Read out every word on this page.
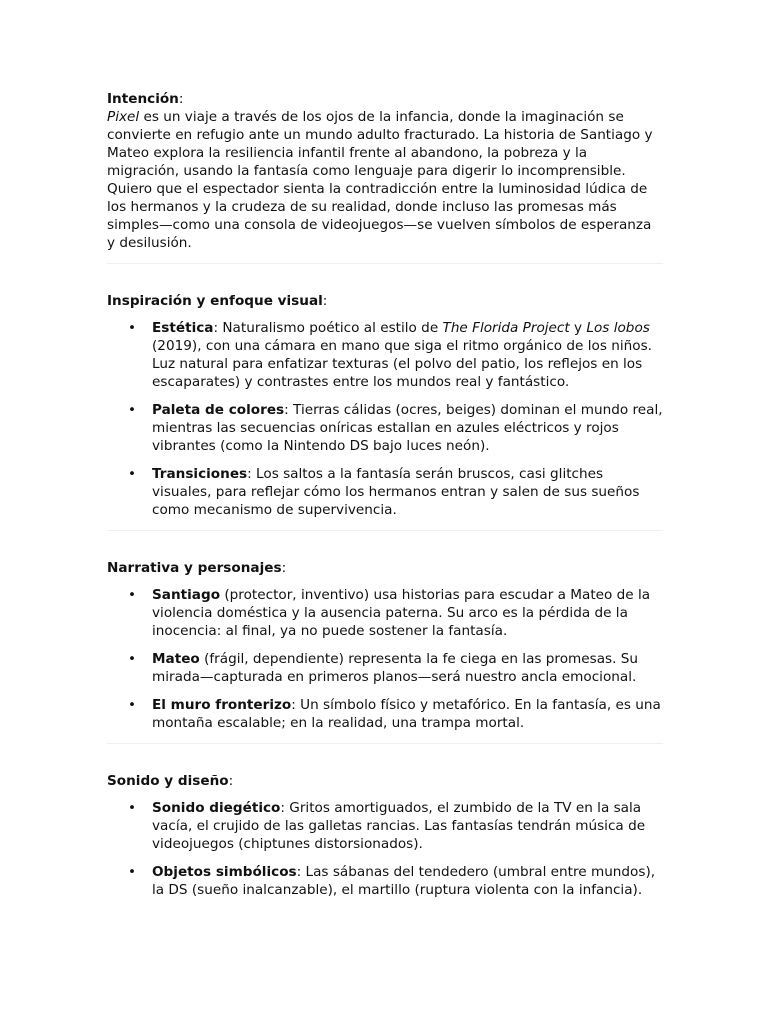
Intención:

Pixel es un viaje a través de los ojos de la infancia, donde la imaginación se convierte en refugio ante un mundo adulto fracturado. La historia de Santiago y Mateo explora la resiliencia infantil frente al abandono, la pobreza y la migración, usando la fantasía como lenguaje para digerir lo incomprensible. Quiero que el espectador sienta la contradicción entre la luminosidad lúdica de los hermanos y la crudeza de su realidad, donde incluso las promesas más simples—como una consola de videojuegos—se vuelven símbolos de esperanza y desilusión.

Inspiración y enfoque visual:

• Estética: Naturalismo poético al estilo de The Florida Project y Los lobos (2019), con una cámara en mano que siga el ritmo orgánico de los niños. Luz natural para enfatizar texturas (el polvo del patio, los reflejos en los escaparates) y contrastes entre los mundos real y fantástico.
• Paleta de colores: Tierras cálidas (ocres, beiges) dominan el mundo real, mientras las secuencias oníricas estallan en azules eléctricos y rojos vibrantes (como la Nintendo DS bajo luces neón).
• Transiciones: Los saltos a la fantasía serán bruscos, casi glitches visuales, para reflejar cómo los hermanos entran y salen de sus sueños como mecanismo de supervivencia.

Narrativa y personajes:

• Santiago (protector, inventivo) usa historias para escudar a Mateo de la violencia doméstica y la ausencia paterna. Su arco es la pérdida de la inocencia: al final, ya no puede sostener la fantasía.
• Mateo (frágil, dependiente) representa la fe ciega en las promesas. Su mirada—capturada en primeros planos—será nuestro ancla emocional.
• El muro fronterizo: Un símbolo físico y metafórico. En la fantasía, es una montaña escalable; en la realidad, una trampa mortal.

Sonido y diseño:

• Sonido diegético: Gritos amortiguados, el zumbido de la TV en la sala vacía, el crujido de las galletas rancias. Las fantasías tendrán música de videojuegos (chiptunes distorsionados).
• Objetos simbólicos: Las sábanas del tendedero (umbral entre mundos), la DS (sueño inalcanzable), el martillo (ruptura violenta con la infancia).
